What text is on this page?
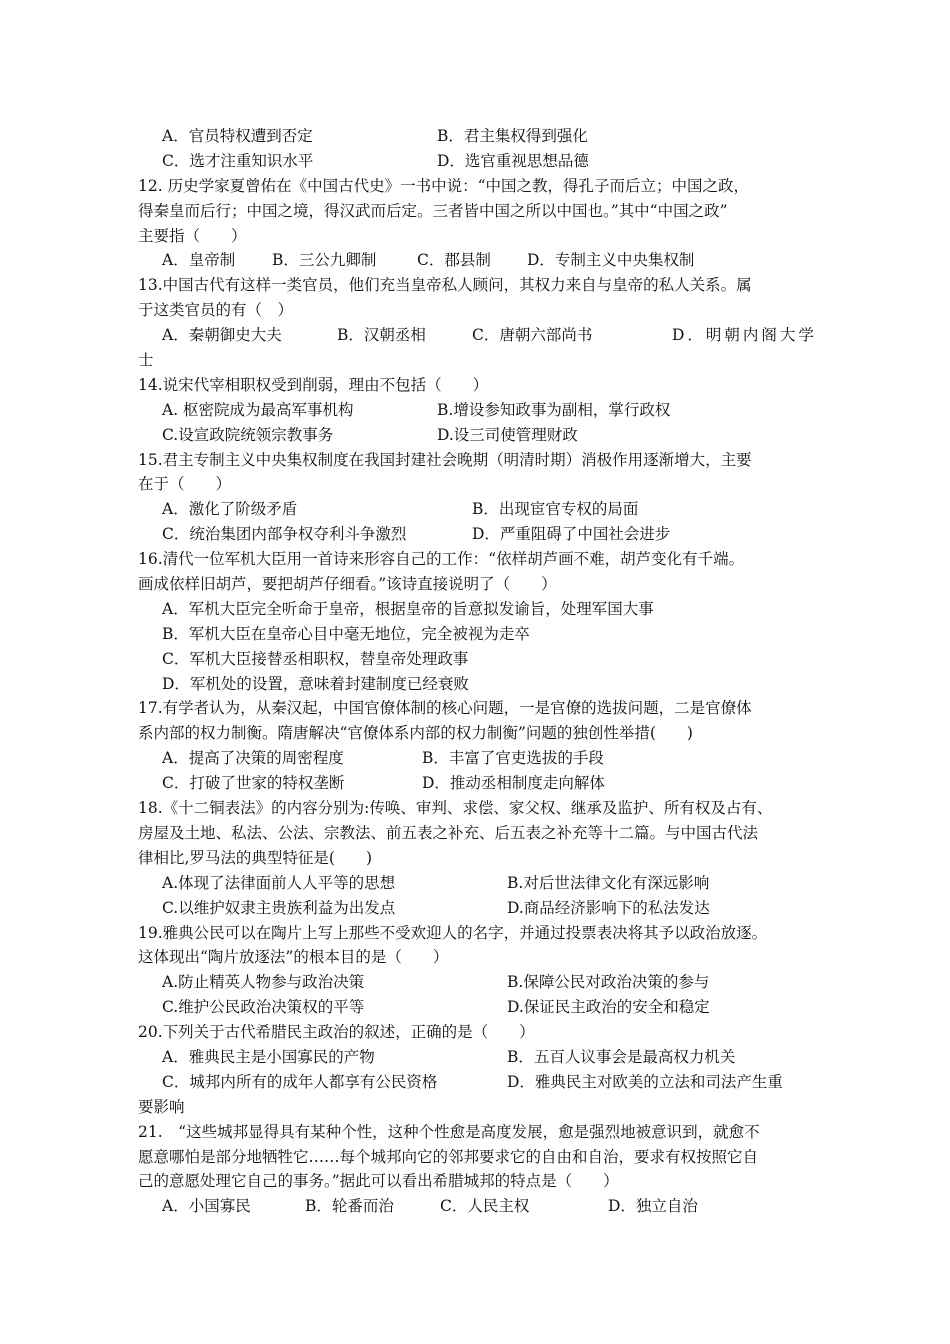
A．官员特权遭到否定	B．君主集权得到强化
C．选才注重知识水平	D．选官重视思想品德
12. 历史学家夏曾佑在《中国古代史》一书中说：“中国之教，得孔子而后立；中国之政，
得秦皇而后行；中国之境，得汉武而后定。三者皆中国之所以中国也。”其中“中国之政”
主要指（　　）
A．皇帝制	B．三公九卿制	C．郡县制	D．专制主义中央集权制
13.中国古代有这样一类官员，他们充当皇帝私人顾问，其权力来自与皇帝的私人关系。属
于这类官员的有（　）
A．秦朝御史大夫	B．汉朝丞相	C．唐朝六部尚书	D．明朝内阁大学
士
14.说宋代宰相职权受到削弱，理由不包括（　　）
A. 枢密院成为最高军事机构	B.增设参知政事为副相，掌行政权
C.设宣政院统领宗教事务	D.设三司使管理财政
15.君主专制主义中央集权制度在我国封建社会晚期（明清时期）消极作用逐渐增大，主要
在于（　　）
A．激化了阶级矛盾	B．出现宦官专权的局面
C．统治集团内部争权夺利斗争激烈	D．严重阻碍了中国社会进步
16.清代一位军机大臣用一首诗来形容自己的工作：“依样胡芦画不难，胡芦变化有千端。
画成依样旧胡芦，要把胡芦仔细看。”该诗直接说明了（　　）
A．军机大臣完全听命于皇帝，根据皇帝的旨意拟发谕旨，处理军国大事
B．军机大臣在皇帝心目中毫无地位，完全被视为走卒
C．军机大臣接替丞相职权，替皇帝处理政事
D．军机处的设置，意味着封建制度已经衰败
17.有学者认为，从秦汉起，中国官僚体制的核心问题，一是官僚的选拔问题，二是官僚体
系内部的权力制衡。隋唐解决“官僚体系内部的权力制衡”问题的独创性举措(　　)
A．提高了决策的周密程度	B．丰富了官吏选拔的手段
C．打破了世家的特权垄断	D．推动丞相制度走向解体
18.《十二铜表法》的内容分别为:传唤、审判、求偿、家父权、继承及监护、所有权及占有、
房屋及土地、私法、公法、宗教法、前五表之补充、后五表之补充等十二篇。与中国古代法
律相比,罗马法的典型特征是(　　)
A.体现了法律面前人人平等的思想	B.对后世法律文化有深远影响
C.以维护奴隶主贵族利益为出发点	D.商品经济影响下的私法发达
19.雅典公民可以在陶片上写上那些不受欢迎人的名字，并通过投票表决将其予以政治放逐。
这体现出“陶片放逐法”的根本目的是（　　）
A.防止精英人物参与政治决策	B.保障公民对政治决策的参与
C.维护公民政治决策权的平等	D.保证民主政治的安全和稳定
20.下列关于古代希腊民主政治的叙述，正确的是（　　）
A．雅典民主是小国寡民的产物	B．五百人议事会是最高权力机关
C．城邦内所有的成年人都享有公民资格	D．雅典民主对欧美的立法和司法产生重
要影响
21.　“这些城邦显得具有某种个性，这种个性愈是高度发展，愈是强烈地被意识到，就愈不
愿意哪怕是部分地牺牲它……每个城邦向它的邻邦要求它的自由和自治，要求有权按照它自
己的意愿处理它自己的事务。”据此可以看出希腊城邦的特点是（　　）
A．小国寡民	B．轮番而治	C．人民主权	D．独立自治
